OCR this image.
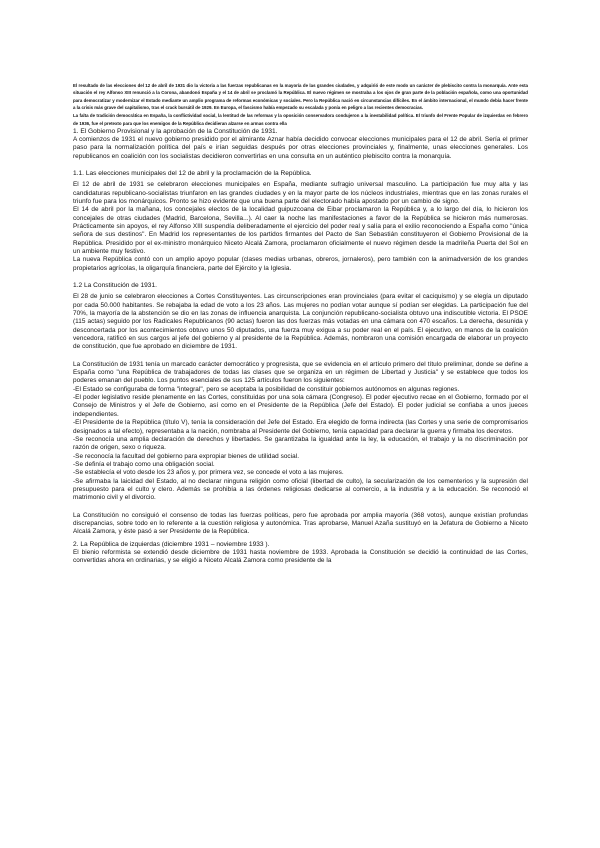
El resultado de las elecciones del 12 de abril de 1931 dio la victoria a las fuerzas republicanas en la mayoría de las grandes ciudades, y adquirió de este modo un carácter de plebiscito contra la monarquía. Ante esta situación el rey Alfonso XIII renunció a la Corona, abandonó España y el 14 de abril se proclamó la República. El nuevo régimen se mostraba a los ojos de gran parte de la población española, como una oportunidad para democratizar y modernizar el Estado mediante un amplio programa de reformas económicas y sociales. Pero la República nació en circunstancias difíciles. En el ámbito internacional, el mundo debía hacer frente a la crisis más grave del capitalismo, tras el crack bursátil de 1929. En Europa, el fascismo había empezado su escalada y ponía en peligro a las recientes democracias.

La falta de tradición democrática en España, la conflictividad social, la lentitud de las reformas y la oposición conservadora condujeron a la inestabilidad política. El triunfo del Frente Popular de izquierdas en febrero de 1936, fue el pretexto para que los enemigos de la República decidieran alzarse en armas contra ella

1. El Gobierno Provisional y la aprobación de la Constitución de 1931.

A comienzos de 1931 el nuevo gobierno presidido por el almirante Aznar había decidido convocar elecciones municipales para el 12 de abril. Sería el primer paso para la normalización política del país e irían seguidas después por otras elecciones provinciales y, finalmente, unas elecciones generales. Los republicanos en coalición con los socialistas decidieron convertirlas en una consulta en un auténtico plebiscito contra la monarquía.

1.1. Las elecciones municipales del 12 de abril y la proclamación de la República.

El 12 de abril de 1931 se celebraron elecciones municipales en España, mediante sufragio universal masculino. La participación fue muy alta y las candidaturas republicano-socialistas triunfaron en las grandes ciudades y en la mayor parte de los núcleos industriales, mientras que en las zonas rurales el triunfo fue para los monárquicos. Pronto se hizo evidente que una buena parte del electorado había apostado por un cambio de signo.

El 14 de abril por la mañana, los concejales electos de la localidad guipuzcoana de Eibar proclamaron la República y, a lo largo del día, lo hicieron los concejales de otras ciudades (Madrid, Barcelona, Sevilla...). Al caer la noche las manifestaciones a favor de la República se hicieron más numerosas. Prácticamente sin apoyos, el rey Alfonso XIII suspendía deliberadamente el ejercicio del poder real y salía para el exilio reconociendo a España como "única señora de sus destinos". En Madrid los representantes de los partidos firmantes del Pacto de San Sebastián constituyeron el Gobierno Provisional de la República. Presidido por el ex-ministro monárquico Niceto Alcalá Zamora, proclamaron oficialmente el nuevo régimen desde la madrileña Puerta del Sol en un ambiente muy festivo.

La nueva República contó con un amplio apoyo popular (clases medias urbanas, obreros, jornaleros), pero también con la animadversión de los grandes propietarios agrícolas, la oligarquía financiera, parte del Ejército y la Iglesia.

1.2 La Constitución de 1931.

El 28 de junio se celebraron elecciones a Cortes Constituyentes. Las circunscripciones eran provinciales (para evitar el caciquismo) y se elegía un diputado por cada 50.000 habitantes. Se rebajaba la edad de voto a los 23 años. Las mujeres no podían votar aunque sí podían ser elegidas. La participación fue del 70%, la mayoría de la abstención se dio en las zonas de influencia anarquista. La conjunción republicano-socialista obtuvo una indiscutible victoria. El PSOE (115 actas) seguido por los Radicales Republicanos (90 actas) fueron las dos fuerzas más votadas en una cámara con 470 escaños. La derecha, desunida y desconcertada por los acontecimientos obtuvo unos 50 diputados, una fuerza muy exigua a su poder real en el país. El ejecutivo, en manos de la coalición vencedora, ratificó en sus cargos al jefe del gobierno y al presidente de la República. Además, nombraron una comisión encargada de elaborar un proyecto de constitución, que fue aprobado en diciembre de 1931.

La Constitución de 1931 tenía un marcado carácter democrático y progresista, que se evidencia en el artículo primero del título preliminar, donde se define a España como "una República de trabajadores de todas las clases que se organiza en un régimen de Libertad y Justicia" y se establece que todos los poderes emanan del pueblo. Los puntos esenciales de sus 125 artículos fueron los siguientes:

-El Estado se configuraba de forma "integral", pero se aceptaba la posibilidad de constituir gobiernos autónomos en algunas regiones.

-El poder legislativo reside plenamente en las Cortes, constituidas por una sola cámara (Congreso). El poder ejecutivo recae en el Gobierno, formado por el Consejo de Ministros y el Jefe de Gobierno, así como en el Presidente de la República (Jefe del Estado). El poder judicial se confiaba a unos jueces independientes.

-El Presidente de la República (título V), tenía la consideración del Jefe del Estado. Era elegido de forma indirecta (las Cortes y una serie de compromisarios designados a tal efecto), representaba a la nación, nombraba al Presidente del Gobierno, tenía capacidad para declarar la guerra y firmaba los decretos.

-Se reconocía una amplia declaración de derechos y libertades. Se garantizaba la igualdad ante la ley, la educación, el trabajo y la no discriminación por razón de origen, sexo o riqueza.

-Se reconocía la facultad del gobierno para expropiar bienes de utilidad social.

-Se definía el trabajo como una obligación social.

-Se establecía el voto desde los 23 años y, por primera vez, se concede el voto a las mujeres.

-Se afirmaba la laicidad del Estado, al no declarar ninguna religión como oficial (libertad de culto), la secularización de los cementerios y la supresión del presupuesto para el culto y clero. Además se prohibía a las órdenes religiosas dedicarse al comercio, a la industria y a la educación. Se reconoció el matrimonio civil y el divorcio.

La Constitución no consiguió el consenso de todas las fuerzas políticas, pero fue aprobada por amplia mayoría (368 votos), aunque existían profundas discrepancias, sobre todo en lo referente a la cuestión religiosa y autonómica. Tras aprobarse, Manuel Azaña sustituyó en la Jefatura de Gobierno a Niceto Alcalá Zamora, y éste pasó a ser Presidente de la República.

2. La República de izquierdas (diciembre 1931 – noviembre 1933 ).

El bienio reformista se extendió desde diciembre de 1931 hasta noviembre de 1933. Aprobada la Constitución se decidió la continuidad de las Cortes, convertidas ahora en ordinarias, y se eligió a Niceto Alcalá Zamora como presidente de la
